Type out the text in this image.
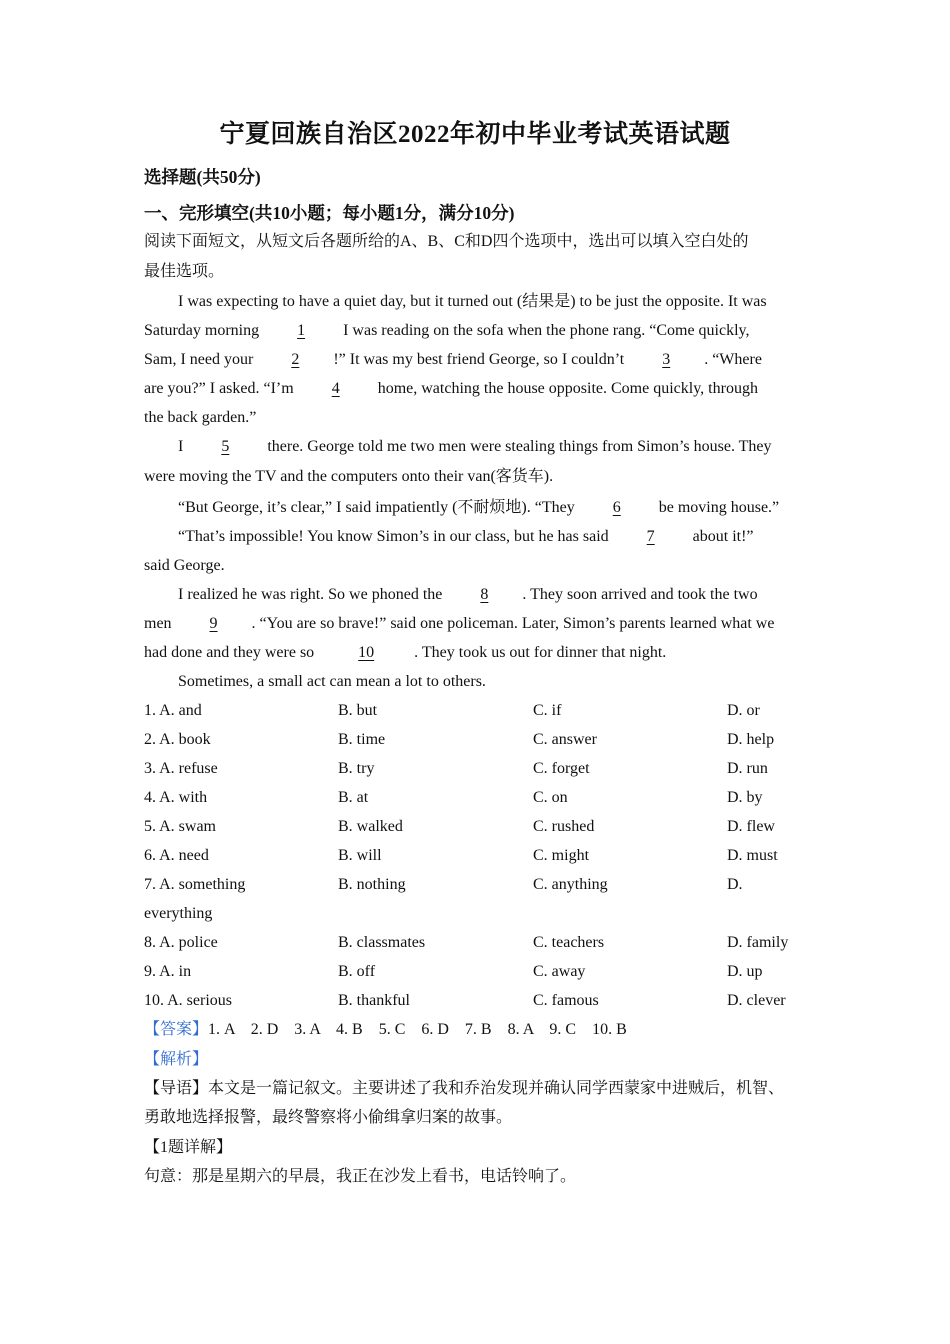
宁夏回族自治区2022年初中毕业考试英语试题
选择题(共50分)
一、完形填空(共10小题；每小题1分，满分10分)
阅读下面短文，从短文后各题所给的A、B、C和D四个选项中，选出可以填入空白处的
最佳选项。
I was expecting to have a quiet day, but it turned out (结果是) to be just the opposite. It was
Saturday morning 1 I was reading on the sofa when the phone rang. “Come quickly,
Sam, I need your 2 !” It was my best friend George, so I couldn’t 3 . “Where
are you?” I asked. “I’m 4 home, watching the house opposite. Come quickly, through
the back garden.”
I 5 there. George told me two men were stealing things from Simon’s house. They
were moving the TV and the computers onto their van(客货车).
“But George, it’s clear,” I said impatiently (不耐烦地). “They 6 be moving house.”
“That’s impossible! You know Simon’s in our class, but he has said 7 about it!”
said George.
I realized he was right. So we phoned the 8 . They soon arrived and took the two
men 9 . “You are so brave!” said one policeman. Later, Simon’s parents learned what we
had done and they were so	10	. They took us out for dinner that night.
Sometimes, a small act can mean a lot to others.
1. A. and	B. but	C. if	D. or
2. A. book	B. time	C. answer	D. help
3. A. refuse	B. try	C. forget	D. run
4. A. with	B. at	C. on	D. by
5. A. swam	B. walked	C. rushed	D. flew
6. A. need	B. will	C. might	D. must
7. A. something	B. nothing	C. anything	D.
everything
8. A. police	B. classmates	C. teachers	D. family
9. A. in	B. off	C. away	D. up
10. A. serious	B. thankful	C. famous	D. clever
【答案】1. A    2. D    3. A    4. B    5. C    6. D    7. B    8. A    9. C    10. B
【解析】
【导语】本文是一篇记叙文。主要讲述了我和乔治发现并确认同学西蒙家中进贼后，机智、
勇敢地选择报警，最终警察将小偷缉拿归案的故事。
【1题详解】
句意：那是星期六的早晨，我正在沙发上看书，电话铃响了。
